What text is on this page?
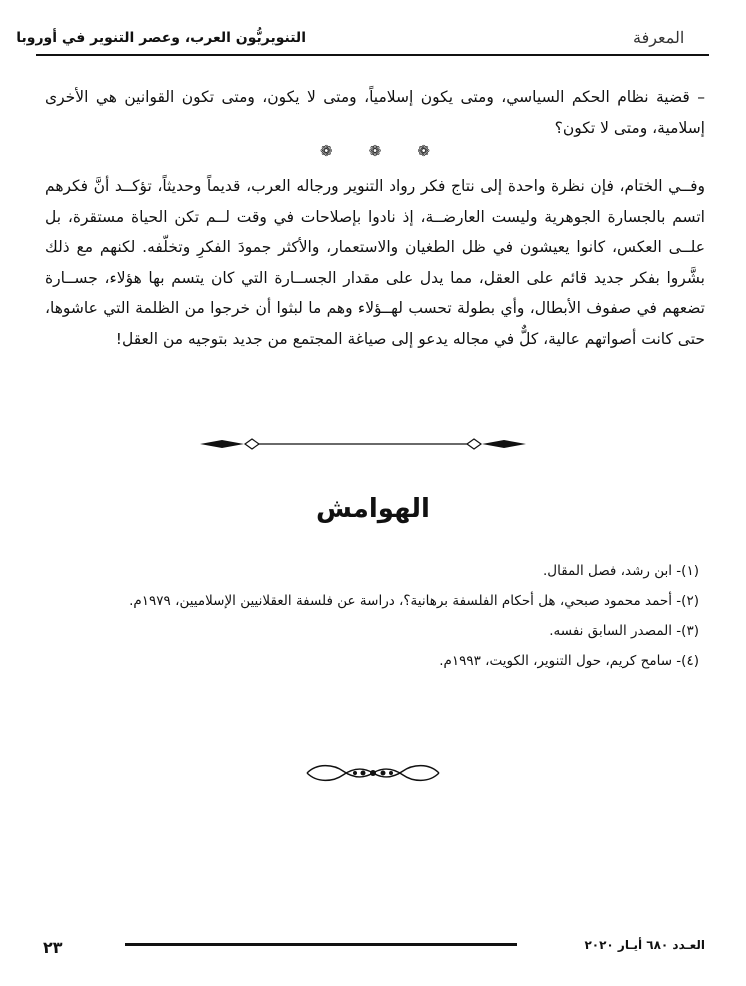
المعرفة
التنويريُّون العرب، وعصر التنوير في أوروبا

– قضية نظام الحكم السياسي، ومتى يكون إسلامياً، ومتى لا يكون، ومتى تكون القوانين هي الأخرى إسلامية، ومتى لا تكون؟

❁ ❁ ❁

وفــي الختام، فإن نظرة واحدة إلى نتاج فكر رواد التنوير ورجاله العرب، قديماً وحديثاً، تؤكــد أنَّ فكرهم اتسم بالجسارة الجوهرية وليست العارضــة، إذ نادوا بإصلاحات في وقت لــم تكن الحياة مستقرة، بل علــى العكس، كانوا يعيشون في ظل الطغيان والاستعمار، والأكثر جمودَ الفكرِ وتخلّفه. لكنهم مع ذلك بشَّروا بفكر جديد قائم على العقل، مما يدل على مقدار الجســارة التي كان يتسم بها هؤلاء، جســارة تضعهم في صفوف الأبطال، وأي بطولة تحسب لهــؤلاء وهم ما لبثوا أن خرجوا من الظلمة التي عاشوها، حتى كانت أصواتهم عالية، كلٌّ في مجاله يدعو إلى صياغة المجتمع من جديد بتوجيه من العقل!

الهوامش
(١)- ابن رشد، فصل المقال.
(٢)- أحمد محمود صبحي، هل أحكام الفلسفة برهانية؟، دراسة عن فلسفة العقلانيين الإسلاميين، ١٩٧٩م.
(٣)- المصدر السابق نفسه.
(٤)- سامح كريم، حول التنوير، الكويت، ١٩٩٣م.
٢٣	العـدد ٦٨٠ أيـار ٢٠٢٠
